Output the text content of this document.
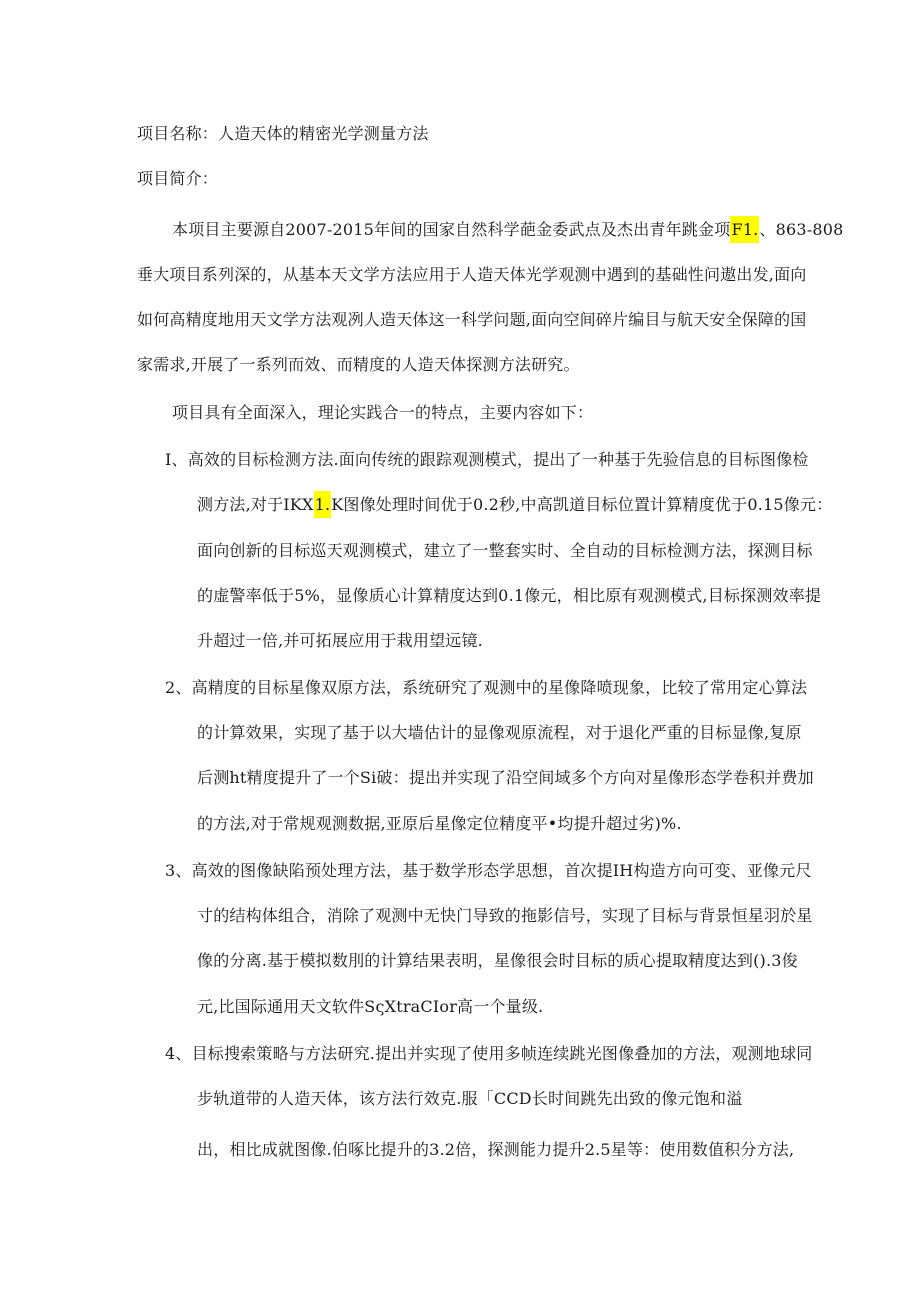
项目名称：人造天体的精密光学测量方法
项目简介：
本项目主要源自2007-2015年间的国家自然科学葩金委武点及杰出青年跳金项F1.、863-808
垂大项目系列深的，从基本天文学方法应用于人造天体光学观测中遇到的基础性问遨出发,面向
如何高精度地用天文学方法观冽人造天体这一科学问题,面向空间碎片编目与航天安全保障的国
家需求,开展了一系列而效、而精度的人造天体探测方法研究。
项目具有全面深入，理论实践合一的特点，主要内容如下：
I、高效的目标检测方法.面向传统的跟踪观测模式，提出了一种基于先验信息的目标图像检
测方法,对于IKX1.K图像处理时间优于0.2秒,中高凯道目标位置计算精度优于0.15像元：
面向创新的目标巡天观测模式，建立了一整套实时、全自动的目标检测方法，探测目标
的虚警率低于5%，显像质心计算精度达到0.1像元，相比原有观测模式,目标探测效率提
升超过一倍,并可拓展应用于栽用望远镜.
2、高精度的目标星像双原方法，系统研究了观测中的星像降喷现象，比较了常用定心算法
的计算效果，实现了基于以大墙估计的显像观原流程，对于退化严重的目标显像,复原
后测ht精度提升了一个Si破：提出并实现了沿空间域多个方向对星像形态学卷积并费加
的方法,对于常规观测数据,亚原后星像定位精度平•均提升超过劣)%.
3、高效的图像缺陷预处理方法，基于数学形态学思想，首次提IH构造方向可变、亚像元尺
寸的结构体组合，消除了观测中无快门导致的拖影信号，实现了目标与背景恒星羽於星
像的分离.基于模拟数刖的计算结果表明，星像很会时目标的质心提取精度达到().3俊
元,比国际通用天文软件SςXtraCIor高一个量级.
4、目标搜索策略与方法研究.提出并实现了使用多帧连续跳光图像叠加的方法，观测地球同
步轨道带的人造天体，该方法行效克.服「CCD长时间跳先出致的像元饱和溢
出，相比成就图像.伯啄比提升的3.2倍，探测能力提升2.5星等：使用数值积分方法,
